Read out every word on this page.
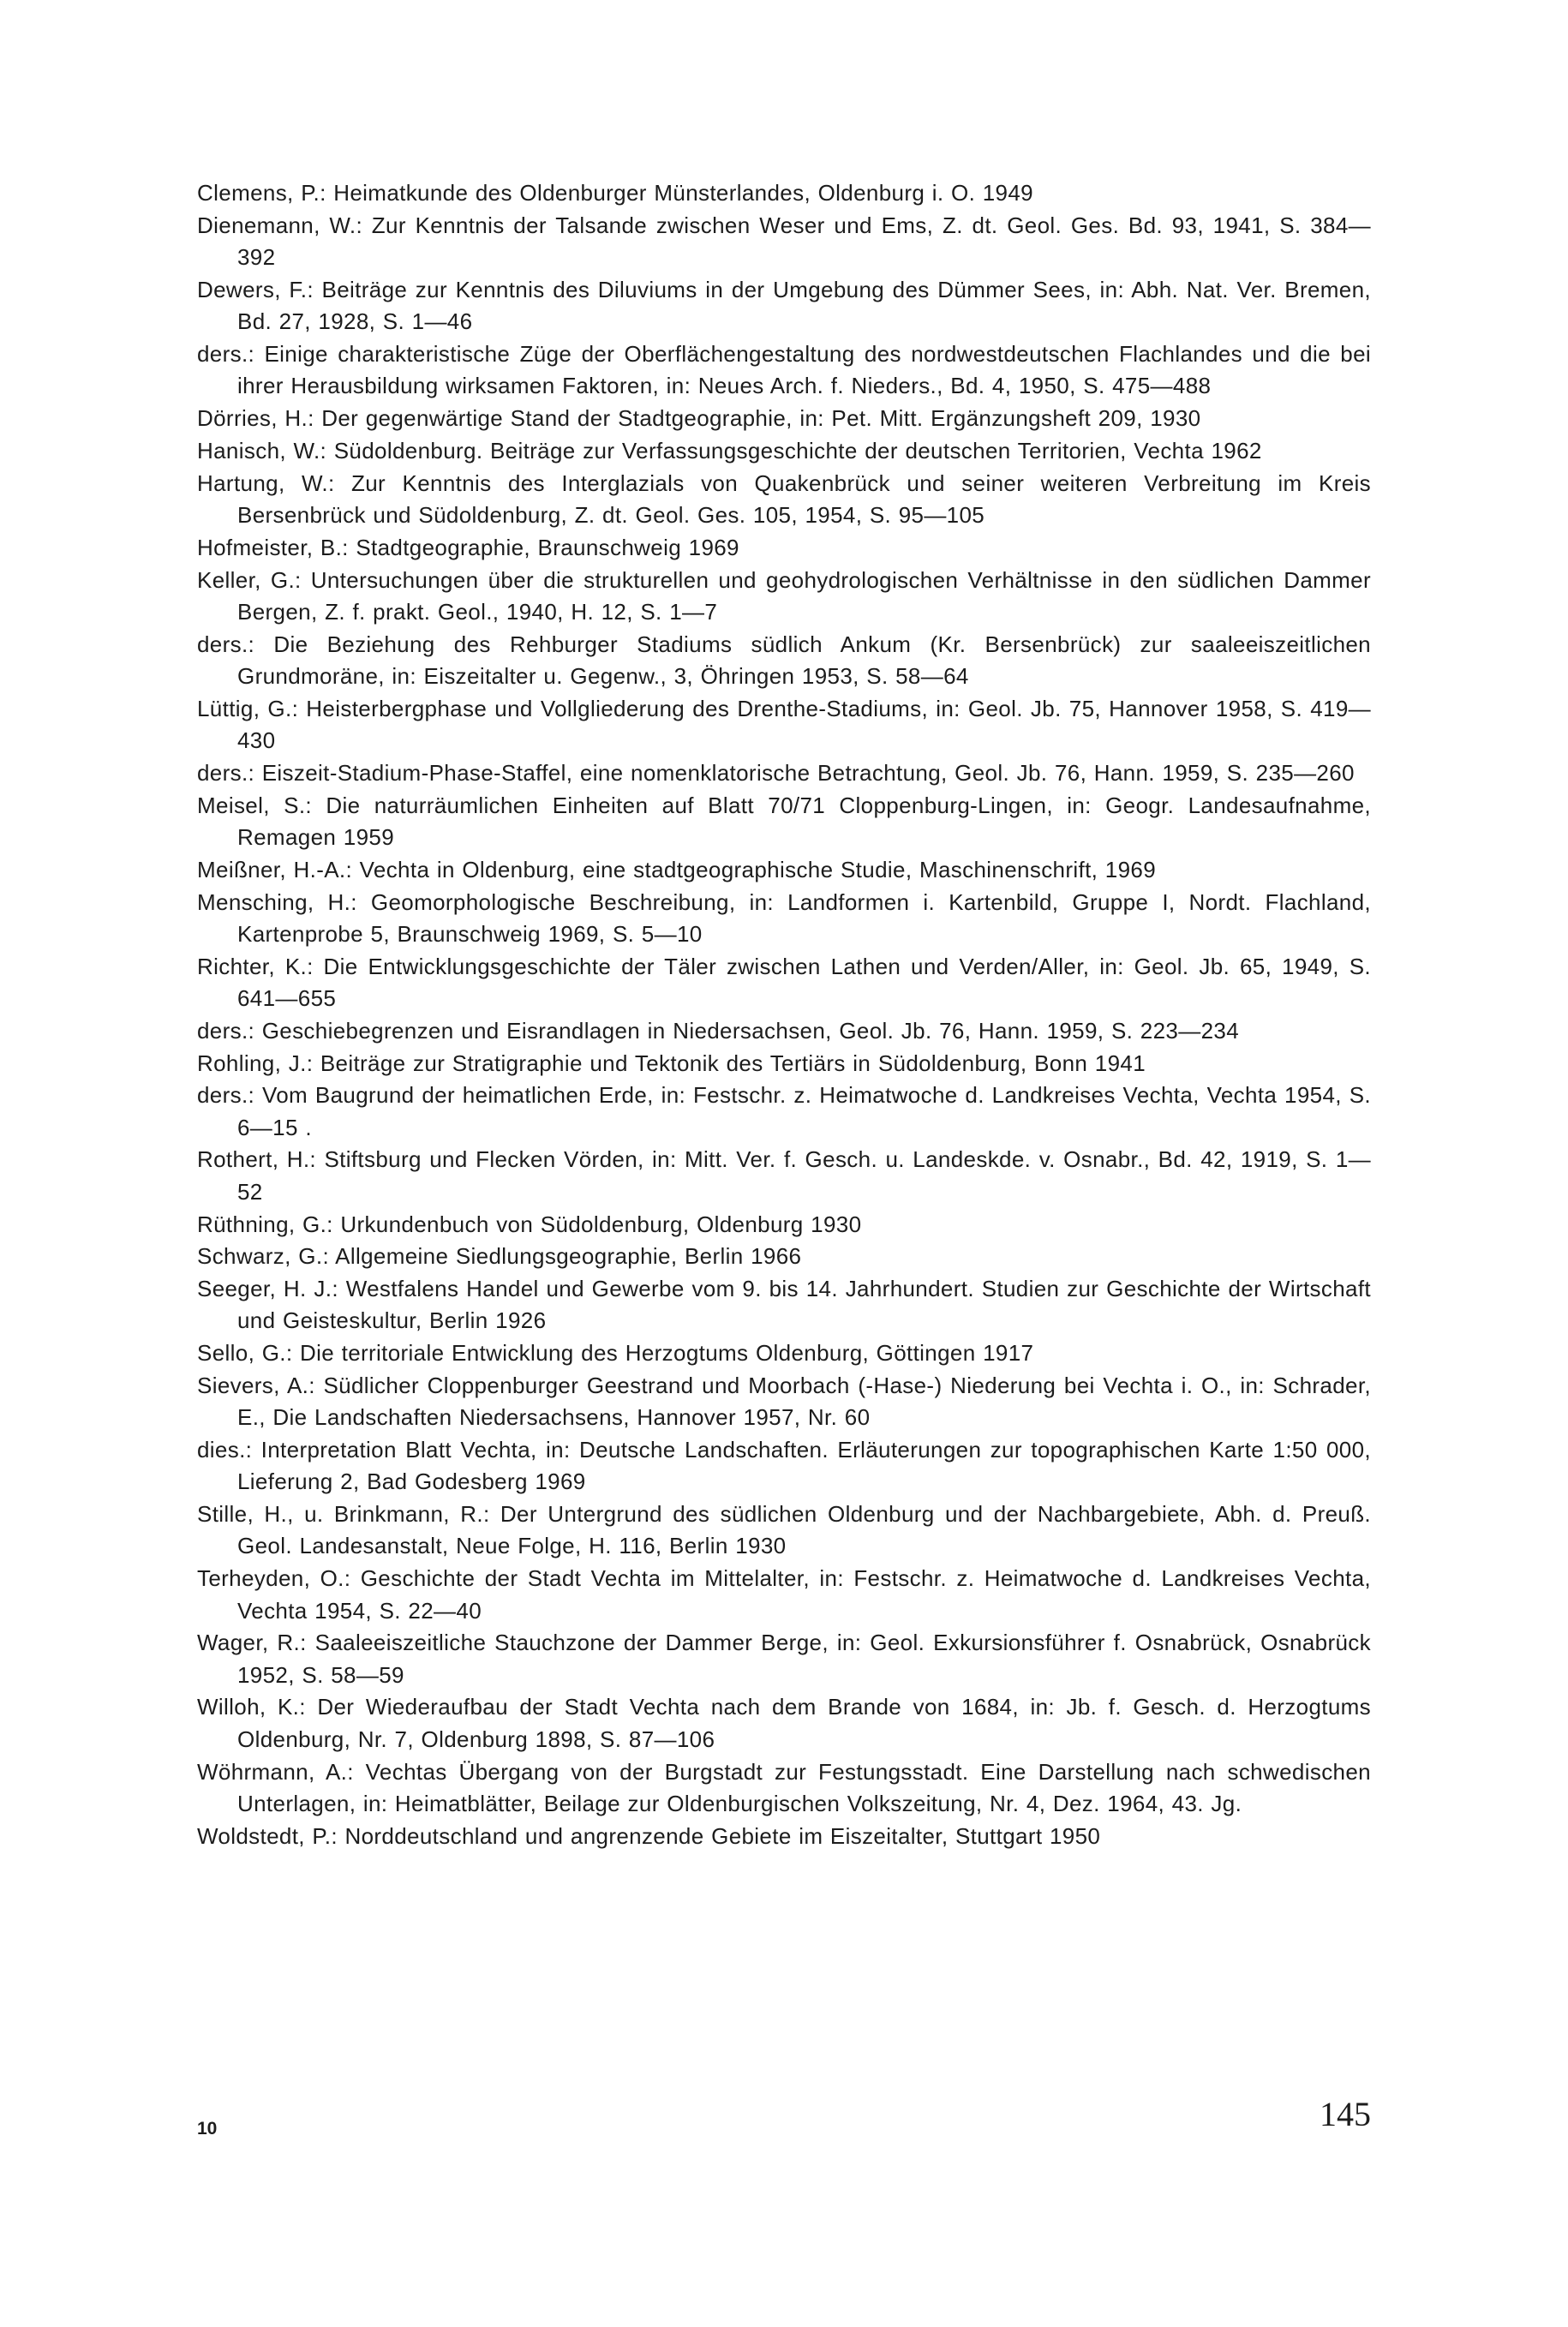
Clemens, P.: Heimatkunde des Oldenburger Münsterlandes, Oldenburg i. O. 1949
Dienemann, W.: Zur Kenntnis der Talsande zwischen Weser und Ems, Z. dt. Geol. Ges. Bd. 93, 1941, S. 384—392
Dewers, F.: Beiträge zur Kenntnis des Diluviums in der Umgebung des Dümmer Sees, in: Abh. Nat. Ver. Bremen, Bd. 27, 1928, S. 1—46
ders.: Einige charakteristische Züge der Oberflächengestaltung des nordwestdeutschen Flachlandes und die bei ihrer Herausbildung wirksamen Faktoren, in: Neues Arch. f. Nieders., Bd. 4, 1950, S. 475—488
Dörries, H.: Der gegenwärtige Stand der Stadtgeographie, in: Pet. Mitt. Ergänzungsheft 209, 1930
Hanisch, W.: Südoldenburg. Beiträge zur Verfassungsgeschichte der deutschen Territorien, Vechta 1962
Hartung, W.: Zur Kenntnis des Interglazials von Quakenbrück und seiner weiteren Verbreitung im Kreis Bersenbrück und Südoldenburg, Z. dt. Geol. Ges. 105, 1954, S. 95—105
Hofmeister, B.: Stadtgeographie, Braunschweig 1969
Keller, G.: Untersuchungen über die strukturellen und geohydrologischen Verhältnisse in den südlichen Dammer Bergen, Z. f. prakt. Geol., 1940, H. 12, S. 1—7
ders.: Die Beziehung des Rehburger Stadiums südlich Ankum (Kr. Bersenbrück) zur saaleeiszeitlichen Grundmoräne, in: Eiszeitalter u. Gegenw., 3, Öhringen 1953, S. 58—64
Lüttig, G.: Heisterbergphase und Vollgliederung des Drenthe-Stadiums, in: Geol. Jb. 75, Hannover 1958, S. 419—430
ders.: Eiszeit-Stadium-Phase-Staffel, eine nomenklatorische Betrachtung, Geol. Jb. 76, Hann. 1959, S. 235—260
Meisel, S.: Die naturräumlichen Einheiten auf Blatt 70/71 Cloppenburg-Lingen, in: Geogr. Landesaufnahme, Remagen 1959
Meißner, H.-A.: Vechta in Oldenburg, eine stadtgeographische Studie, Maschinenschrift, 1969
Mensching, H.: Geomorphologische Beschreibung, in: Landformen i. Kartenbild, Gruppe I, Nordt. Flachland, Kartenprobe 5, Braunschweig 1969, S. 5—10
Richter, K.: Die Entwicklungsgeschichte der Täler zwischen Lathen und Verden/Aller, in: Geol. Jb. 65, 1949, S. 641—655
ders.: Geschiebegrenzen und Eisrandlagen in Niedersachsen, Geol. Jb. 76, Hann. 1959, S. 223—234
Rohling, J.: Beiträge zur Stratigraphie und Tektonik des Tertiärs in Südoldenburg, Bonn 1941
ders.: Vom Baugrund der heimatlichen Erde, in: Festschr. z. Heimatwoche d. Landkreises Vechta, Vechta 1954, S. 6—15 .
Rothert, H.: Stiftsburg und Flecken Vörden, in: Mitt. Ver. f. Gesch. u. Landeskde. v. Osnabr., Bd. 42, 1919, S. 1—52
Rüthning, G.: Urkundenbuch von Südoldenburg, Oldenburg 1930
Schwarz, G.: Allgemeine Siedlungsgeographie, Berlin 1966
Seeger, H. J.: Westfalens Handel und Gewerbe vom 9. bis 14. Jahrhundert. Studien zur Geschichte der Wirtschaft und Geisteskultur, Berlin 1926
Sello, G.: Die territoriale Entwicklung des Herzogtums Oldenburg, Göttingen 1917
Sievers, A.: Südlicher Cloppenburger Geestrand und Moorbach (-Hase-) Niederung bei Vechta i. O., in: Schrader, E., Die Landschaften Niedersachsens, Hannover 1957, Nr. 60
dies.: Interpretation Blatt Vechta, in: Deutsche Landschaften. Erläuterungen zur topographischen Karte 1:50 000, Lieferung 2, Bad Godesberg 1969
Stille, H., u. Brinkmann, R.: Der Untergrund des südlichen Oldenburg und der Nachbargebiete, Abh. d. Preuß. Geol. Landesanstalt, Neue Folge, H. 116, Berlin 1930
Terheyden, O.: Geschichte der Stadt Vechta im Mittelalter, in: Festschr. z. Heimatwoche d. Landkreises Vechta, Vechta 1954, S. 22—40
Wager, R.: Saaleeiszeitliche Stauchzone der Dammer Berge, in: Geol. Exkursionsführer f. Osnabrück, Osnabrück 1952, S. 58—59
Willoh, K.: Der Wiederaufbau der Stadt Vechta nach dem Brande von 1684, in: Jb. f. Gesch. d. Herzogtums Oldenburg, Nr. 7, Oldenburg 1898, S. 87—106
Wöhrmann, A.: Vechtas Übergang von der Burgstadt zur Festungsstadt. Eine Darstellung nach schwedischen Unterlagen, in: Heimatblätter, Beilage zur Oldenburgischen Volkszeitung, Nr. 4, Dez. 1964, 43. Jg.
Woldstedt, P.: Norddeutschland und angrenzende Gebiete im Eiszeitalter, Stuttgart 1950

10	145
